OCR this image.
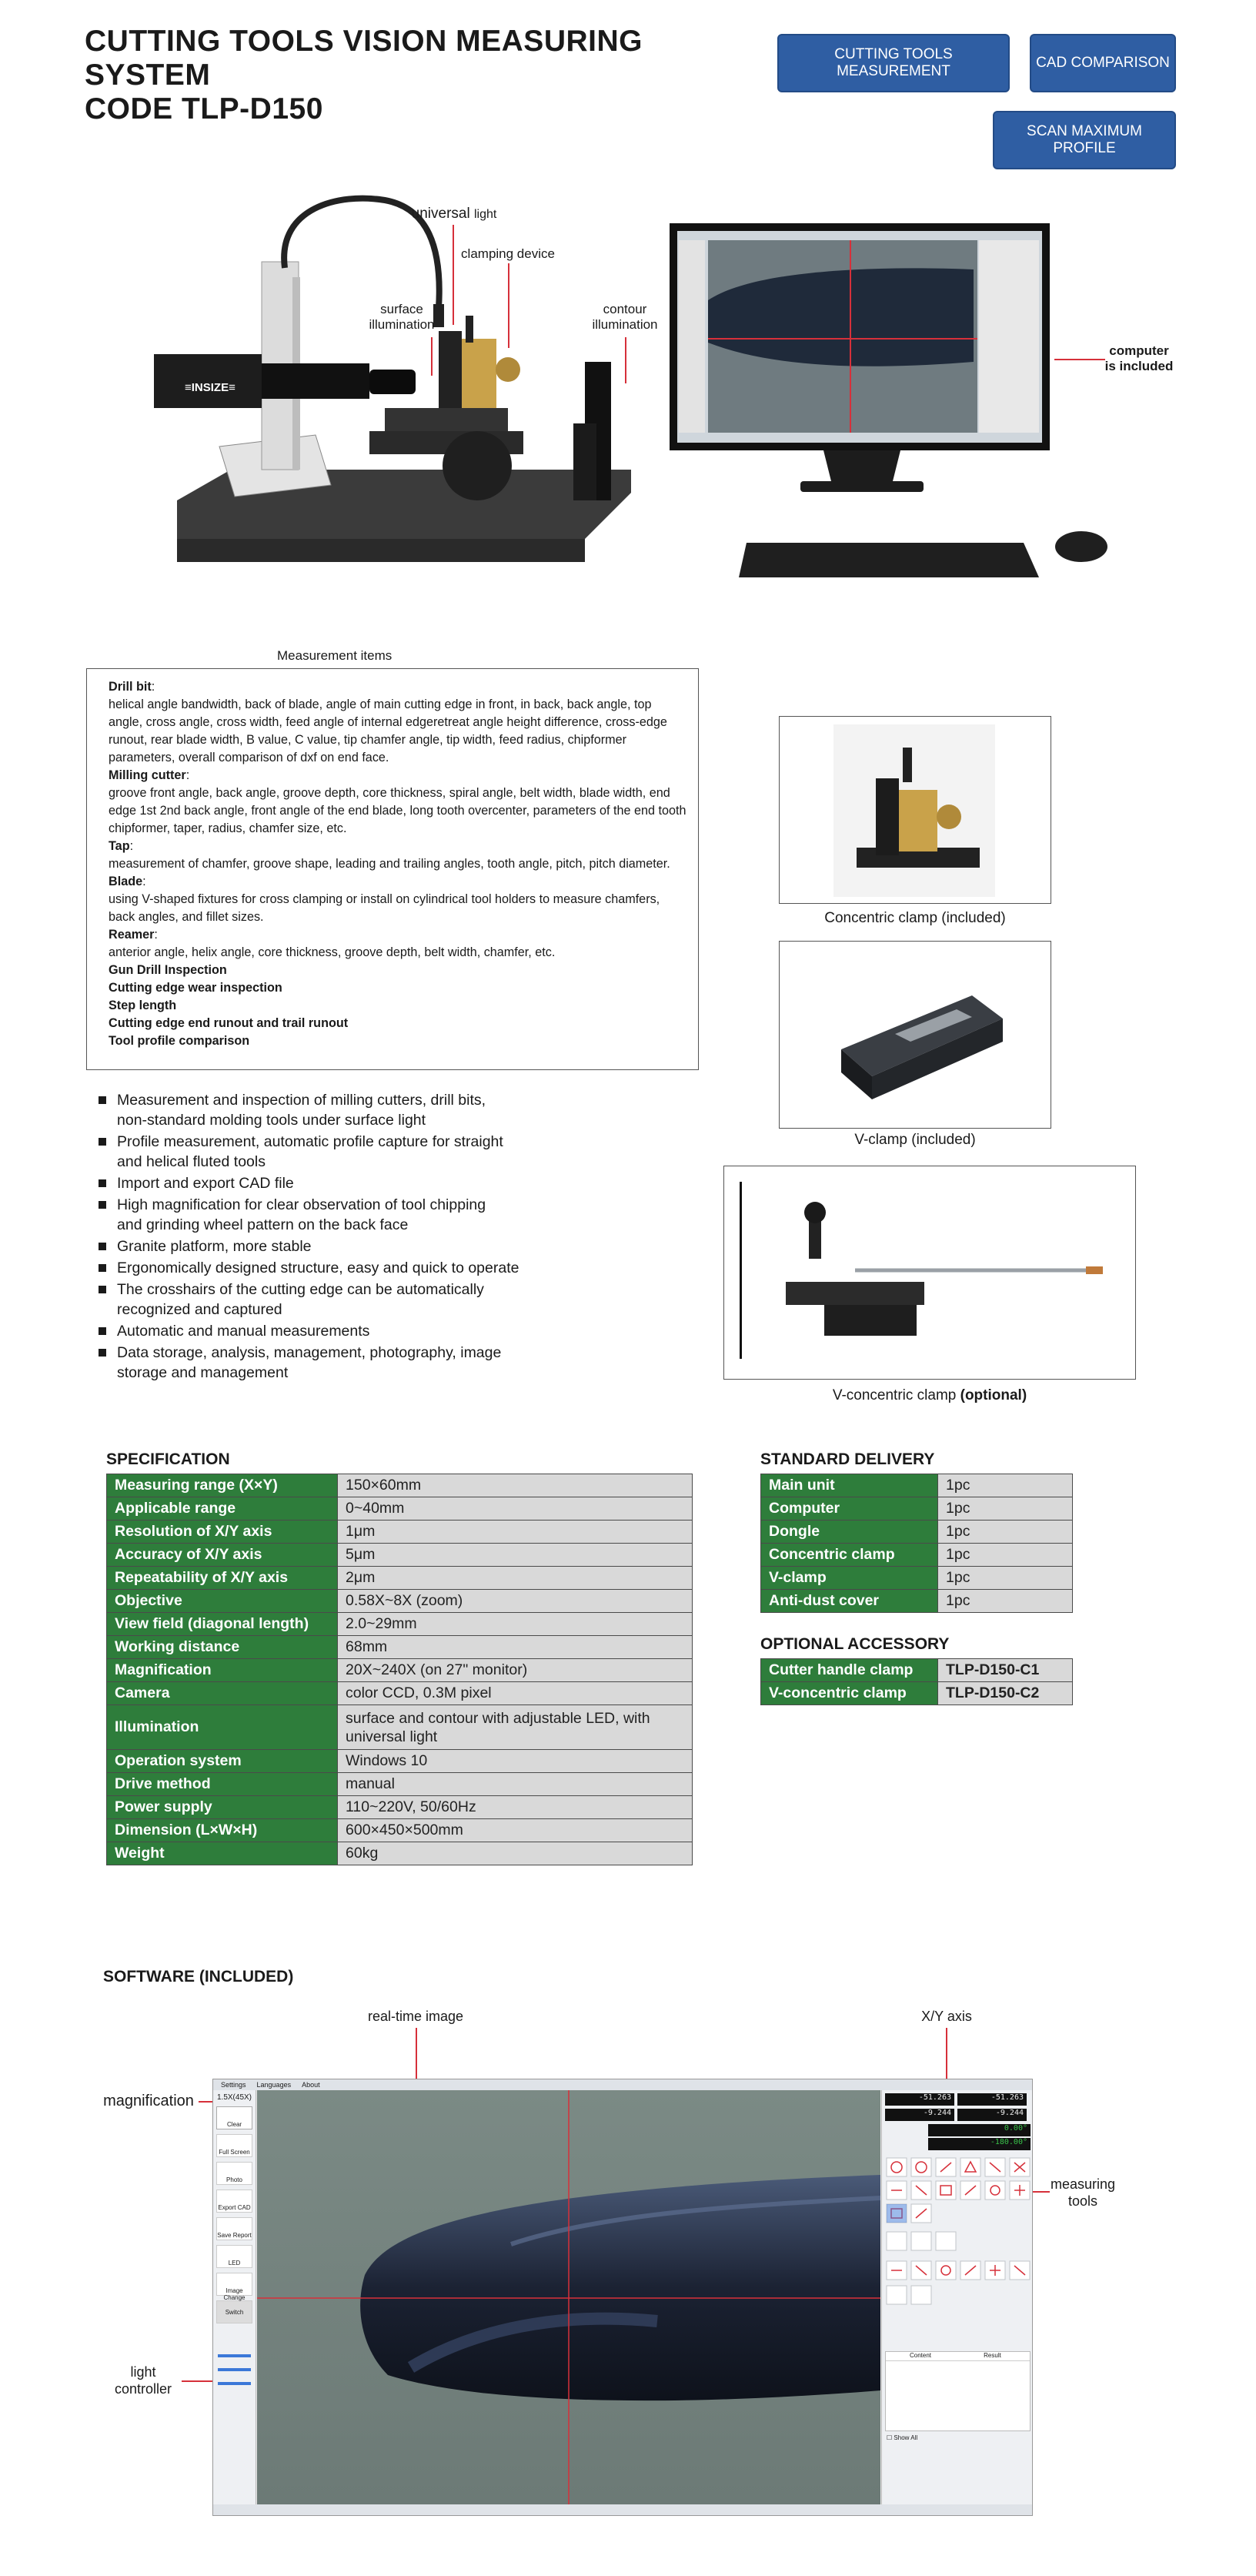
CUTTING TOOLS VISION MEASURING SYSTEM
CODE TLP-D150
CUTTING TOOLS MEASUREMENT
CAD COMPARISON
SCAN MAXIMUM PROFILE
≡INSIZE≡
universal light
clamping device
surface
illumination
contour
illumination
computer
is included
Measurement items
Drill bit:
helical angle bandwidth, back of blade, angle of main cutting edge in front, in back, back angle, top angle, cross angle, cross width, feed angle of internal edgeretreat angle height difference, cross-edge runout, rear blade width, B value, C value, tip chamfer angle, tip width, feed radius, chipformer parameters, overall comparison of dxf on end face.
Milling cutter:
groove front angle, back angle, groove depth, core thickness, spiral angle, belt width, blade width, end edge 1st 2nd back angle, front angle of the end blade, long tooth overcenter, parameters of the end tooth chipformer, taper, radius, chamfer size, etc.
Tap:
measurement of chamfer, groove shape, leading and trailing angles, tooth angle, pitch, pitch diameter.
Blade:
using V-shaped fixtures for cross clamping or install on cylindrical tool holders to measure chamfers, back angles, and fillet sizes.
Reamer:
anterior angle, helix angle, core thickness, groove depth, belt width, chamfer, etc.
Gun Drill Inspection
Cutting edge wear inspection
Step length
Cutting edge end runout and trail runout
Tool profile comparison
Measurement and inspection of milling cutters, drill bits,
non-standard molding tools under surface light
Profile measurement, automatic profile capture for straight
and helical fluted tools
Import and export CAD file
High magnification for clear observation of tool chipping
and grinding wheel pattern on the back face
Granite platform, more stable
Ergonomically designed structure, easy and quick to operate
The crosshairs of the cutting edge can be automatically
recognized and captured
Automatic and manual measurements
Data storage, analysis, management, photography, image
storage and management
Concentric clamp (included)
V-clamp (included)
V-concentric clamp (optional)
SPECIFICATION
Measuring range (X×Y)	150×60mm
Applicable range	0~40mm
Resolution of X/Y axis	1μm
Accuracy of X/Y axis	5μm
Repeatability of X/Y axis	2μm
Objective	0.58X~8X (zoom)
View field (diagonal length)	2.0~29mm
Working distance	68mm
Magnification	20X~240X (on 27" monitor)
Camera	color CCD, 0.3M pixel
Illumination	surface and contour with adjustable LED, with universal light
Operation system	Windows 10
Drive method	manual
Power supply	110~220V, 50/60Hz
Dimension (L×W×H)	600×450×500mm
Weight	60kg
STANDARD DELIVERY
Main unit	1pc
Computer	1pc
Dongle	1pc
Concentric clamp	1pc
V-clamp	1pc
Anti-dust cover	1pc
OPTIONAL ACCESSORY
Cutter handle clamp	TLP-D150-C1
V-concentric clamp	TLP-D150-C2
SOFTWARE (INCLUDED)
real-time image	X/Y axis
magnification
measuring
tools
light
controller
Settings Languages About
1.5X(45X)
Clear
Full Screen
Photo
Export CAD
Save Report
LED
Image Change
Switch
-51.263	-51.263
-9.244	-9.244
0.00°
-180.00°
Content	Result
☐ Show All
